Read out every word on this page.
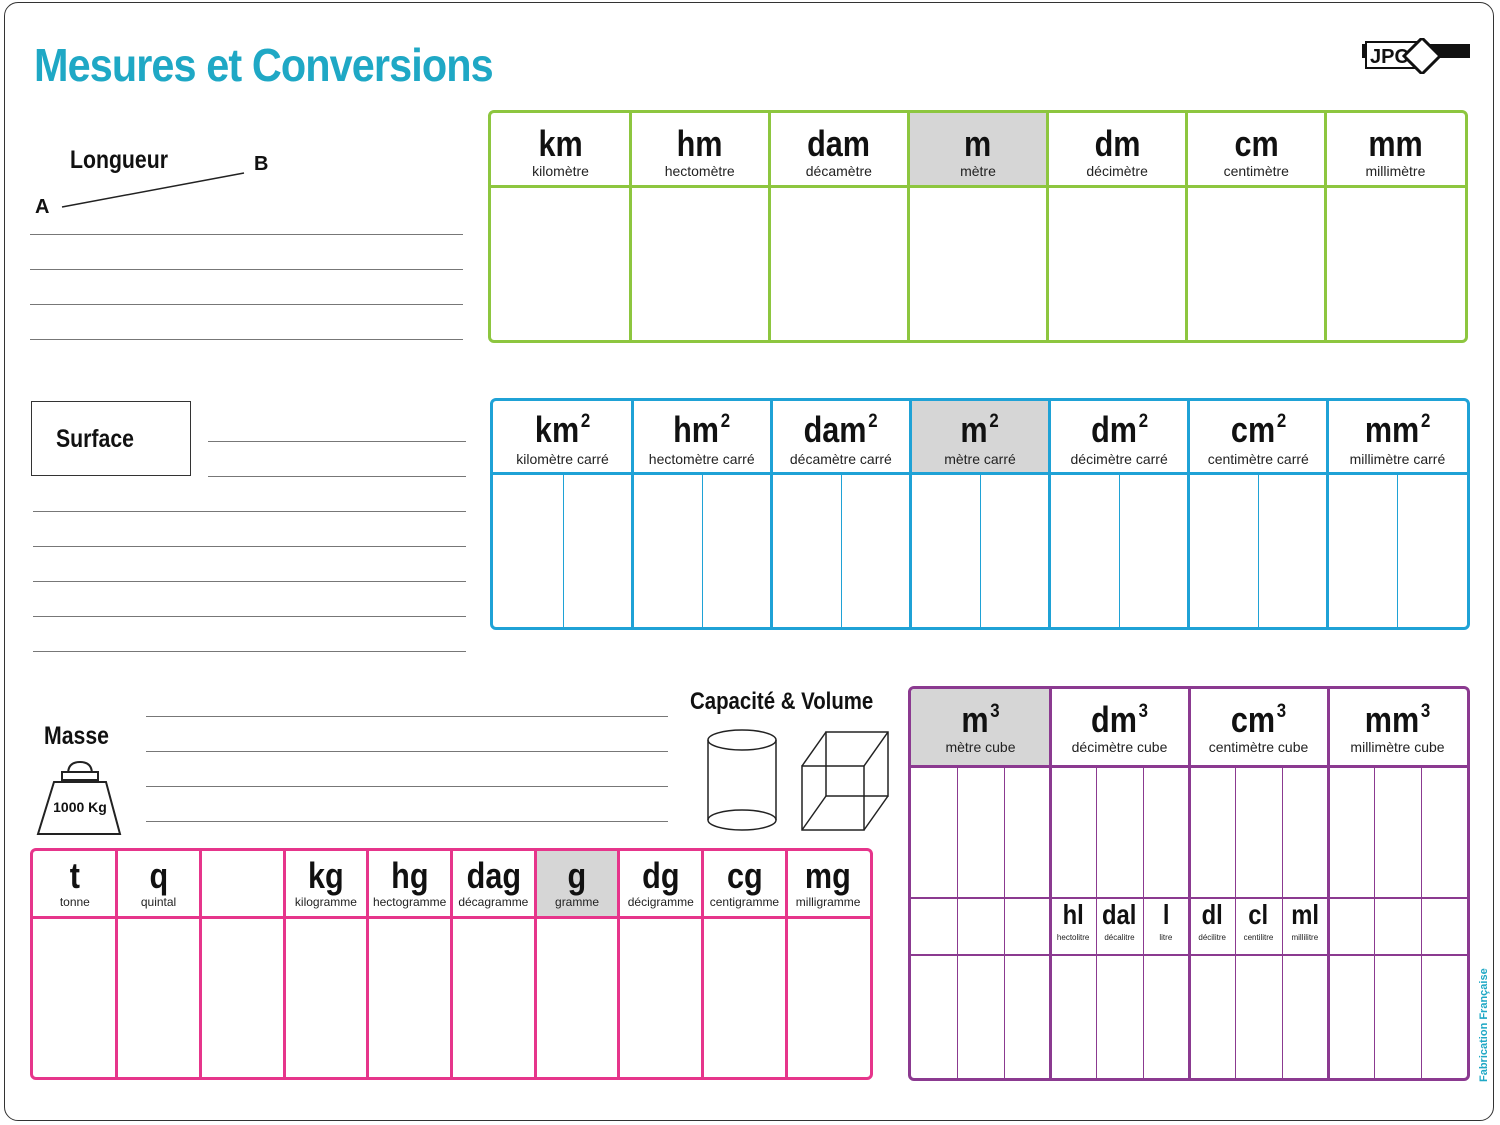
Mesures et Conversions	JPC
Longueur	B
A
Surface
Masse
1000 Kg
Capacité & Volume
km
kilomètre
hm
hectomètre
dam
décamètre
m
mètre
dm
décimètre
cm
centimètre
mm
millimètre
$km^2$
kilomètre carré
$hm^2$
hectomètre carré
dam$^2$
décamètre carré
$m^2$
mètre carré
$dm^2$
décimètre carré
$cm^2$
centimètre carré
$mm^2$
millimètre carré
$m^3$
mètre cube
$dm^3$
décimètre cube
$cm^3$
centimètre cube
$mm^3$
millimètre cube
hl
hectolitre
dal
décalitre
l
litre
dl
décilitre
cl
centilitre
ml
millilitre
t
tonne
q
quintal
kg
kilogramme
hg
hectogramme
dag
décagramme
g
gramme
dg
décigramme
cg
centigramme
mg
milligramme
Fabrication Française
